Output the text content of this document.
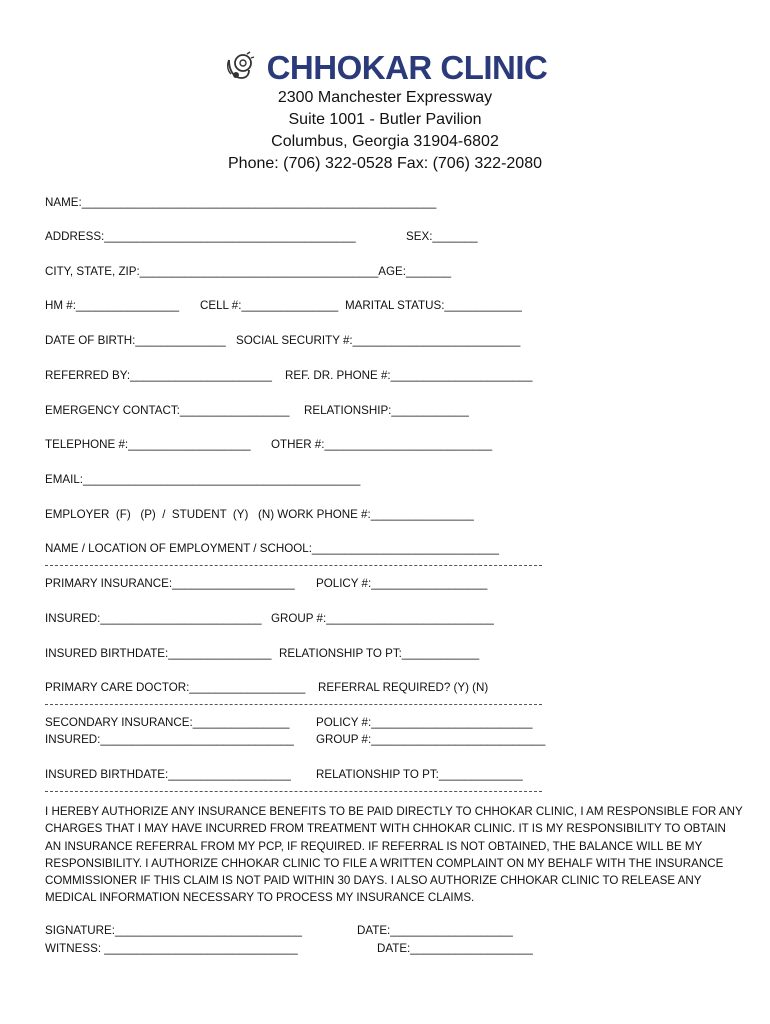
CHHOKAR CLINIC
2300 Manchester Expressway
Suite 1001 - Butler Pavilion
Columbus, Georgia 31904-6802
Phone: (706) 322-0528 Fax: (706) 322-2080
NAME:_______________________________________________________
ADDRESS:_______________________________________	SEX:_______
CITY, STATE, ZIP:_____________________________________AGE:_______
HM #:________________ CELL #:_______________ MARITAL STATUS:____________
DATE OF BIRTH:______________ SOCIAL SECURITY #:__________________________
REFERRED BY:______________________ REF. DR. PHONE #:______________________
EMERGENCY CONTACT:_________________ RELATIONSHIP:____________
TELEPHONE #:___________________ OTHER #:__________________________
EMAIL:___________________________________________
EMPLOYER  (F)   (P)  /  STUDENT  (Y)   (N) WORK PHONE #:________________
NAME / LOCATION OF EMPLOYMENT / SCHOOL:_____________________________
PRIMARY INSURANCE:___________________ POLICY #:__________________
INSURED:_________________________ GROUP #:__________________________
INSURED BIRTHDATE:________________ RELATIONSHIP TO PT:____________
PRIMARY CARE DOCTOR:__________________ REFERRAL REQUIRED? (Y) (N)
SECONDARY INSURANCE:_______________ POLICY #:_________________________
INSURED:______________________________ GROUP #:___________________________
INSURED BIRTHDATE:___________________ RELATIONSHIP TO PT:_____________
I HEREBY AUTHORIZE ANY INSURANCE BENEFITS TO BE PAID DIRECTLY TO CHHOKAR CLINIC, I AM RESPONSIBLE FOR ANY
CHARGES THAT I MAY HAVE INCURRED FROM TREATMENT WITH CHHOKAR CLINIC. IT IS MY RESPONSIBILITY TO OBTAIN
AN INSURANCE REFERRAL FROM MY PCP, IF REQUIRED. IF REFERRAL IS NOT OBTAINED, THE BALANCE WILL BE MY
RESPONSIBILITY. I AUTHORIZE CHHOKAR CLINIC TO FILE A WRITTEN COMPLAINT ON MY BEHALF WITH THE INSURANCE
COMMISSIONER IF THIS CLAIM IS NOT PAID WITHIN 30 DAYS. I ALSO AUTHORIZE CHHOKAR CLINIC TO RELEASE ANY
MEDICAL INFORMATION NECESSARY TO PROCESS MY INSURANCE CLAIMS.
SIGNATURE:_____________________________	DATE:___________________
WITNESS: ______________________________	DATE:___________________
